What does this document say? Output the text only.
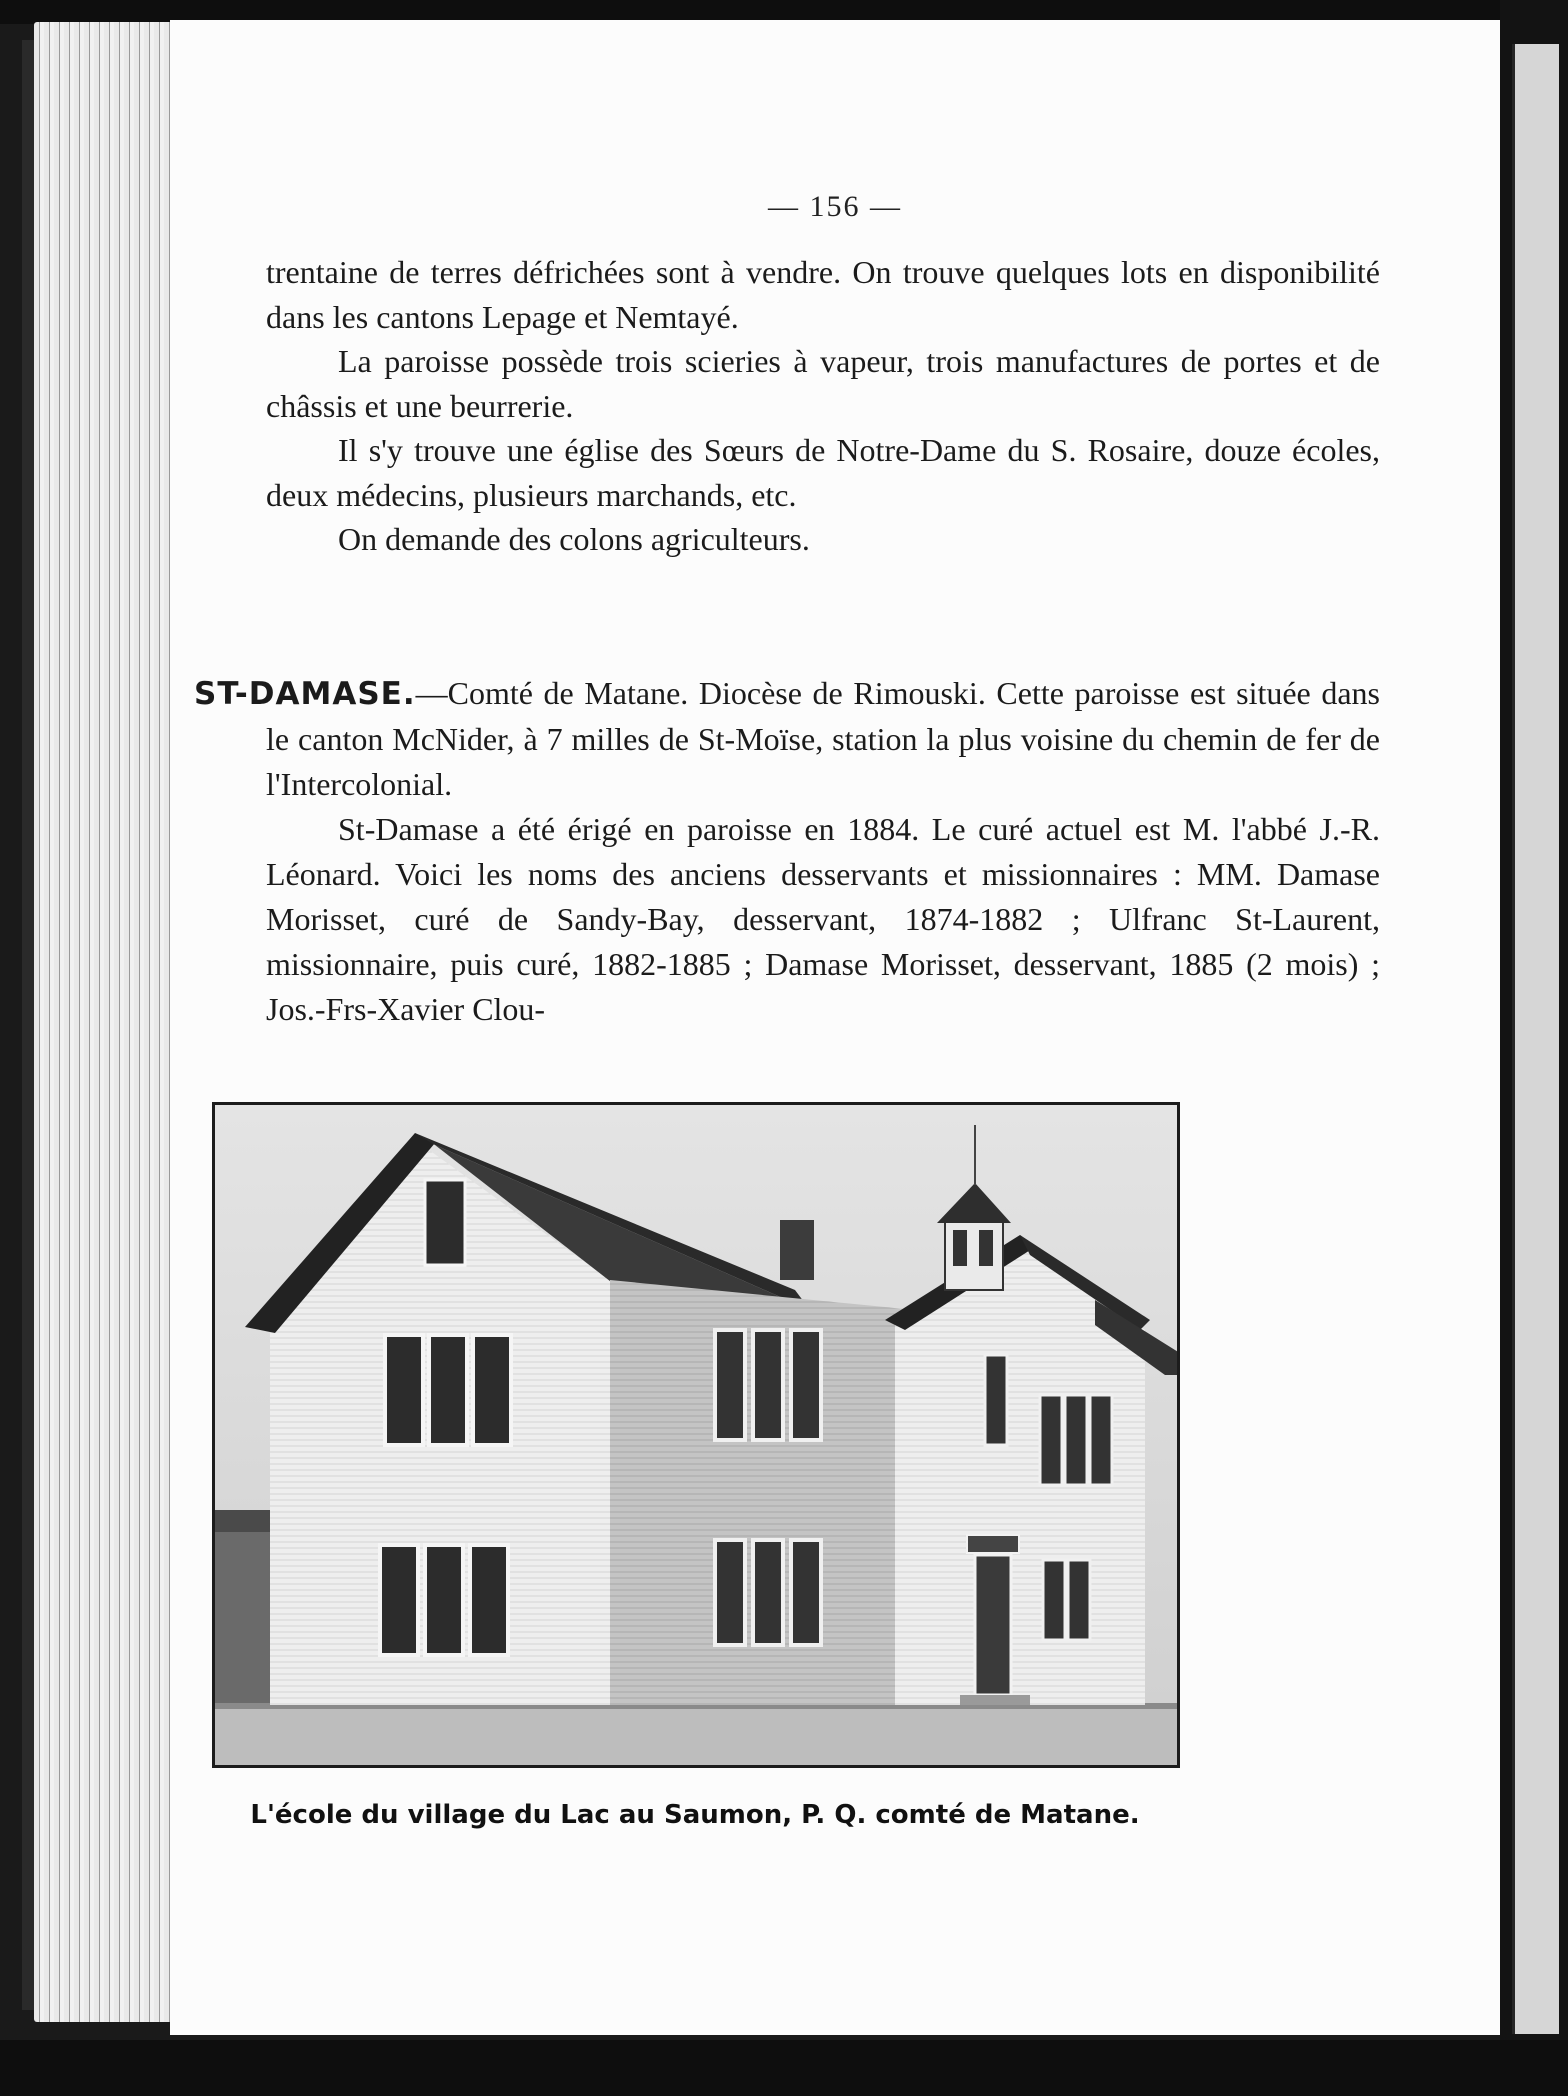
— 156 —

trentaine de terres défrichées sont à vendre. On trouve quelques lots en disponibilité dans les cantons Lepage et Nemtayé.

La paroisse possède trois scieries à vapeur, trois manufactures de portes et de châssis et une beurrerie.

Il s'y trouve une église des Sœurs de Notre-Dame du S. Rosaire, douze écoles, deux médecins, plusieurs marchands, etc.

On demande des colons agriculteurs.

ST-DAMASE.—Comté de Matane. Diocèse de Rimouski. Cette paroisse est située dans le canton McNider, à 7 milles de St-Moïse, station la plus voisine du chemin de fer de l'Intercolonial.

St-Damase a été érigé en paroisse en 1884. Le curé actuel est M. l'abbé J.-R. Léonard. Voici les noms des anciens desservants et missionnaires : MM. Damase Morisset, curé de Sandy-Bay, desservant, 1874-1882 ; Ulfranc St-Laurent, missionnaire, puis curé, 1882-1885 ; Damase Morisset, desservant, 1885 (2 mois) ; Jos.-Frs-Xavier Clou-

L'école du village du Lac au Saumon, P. Q. comté de Matane.
